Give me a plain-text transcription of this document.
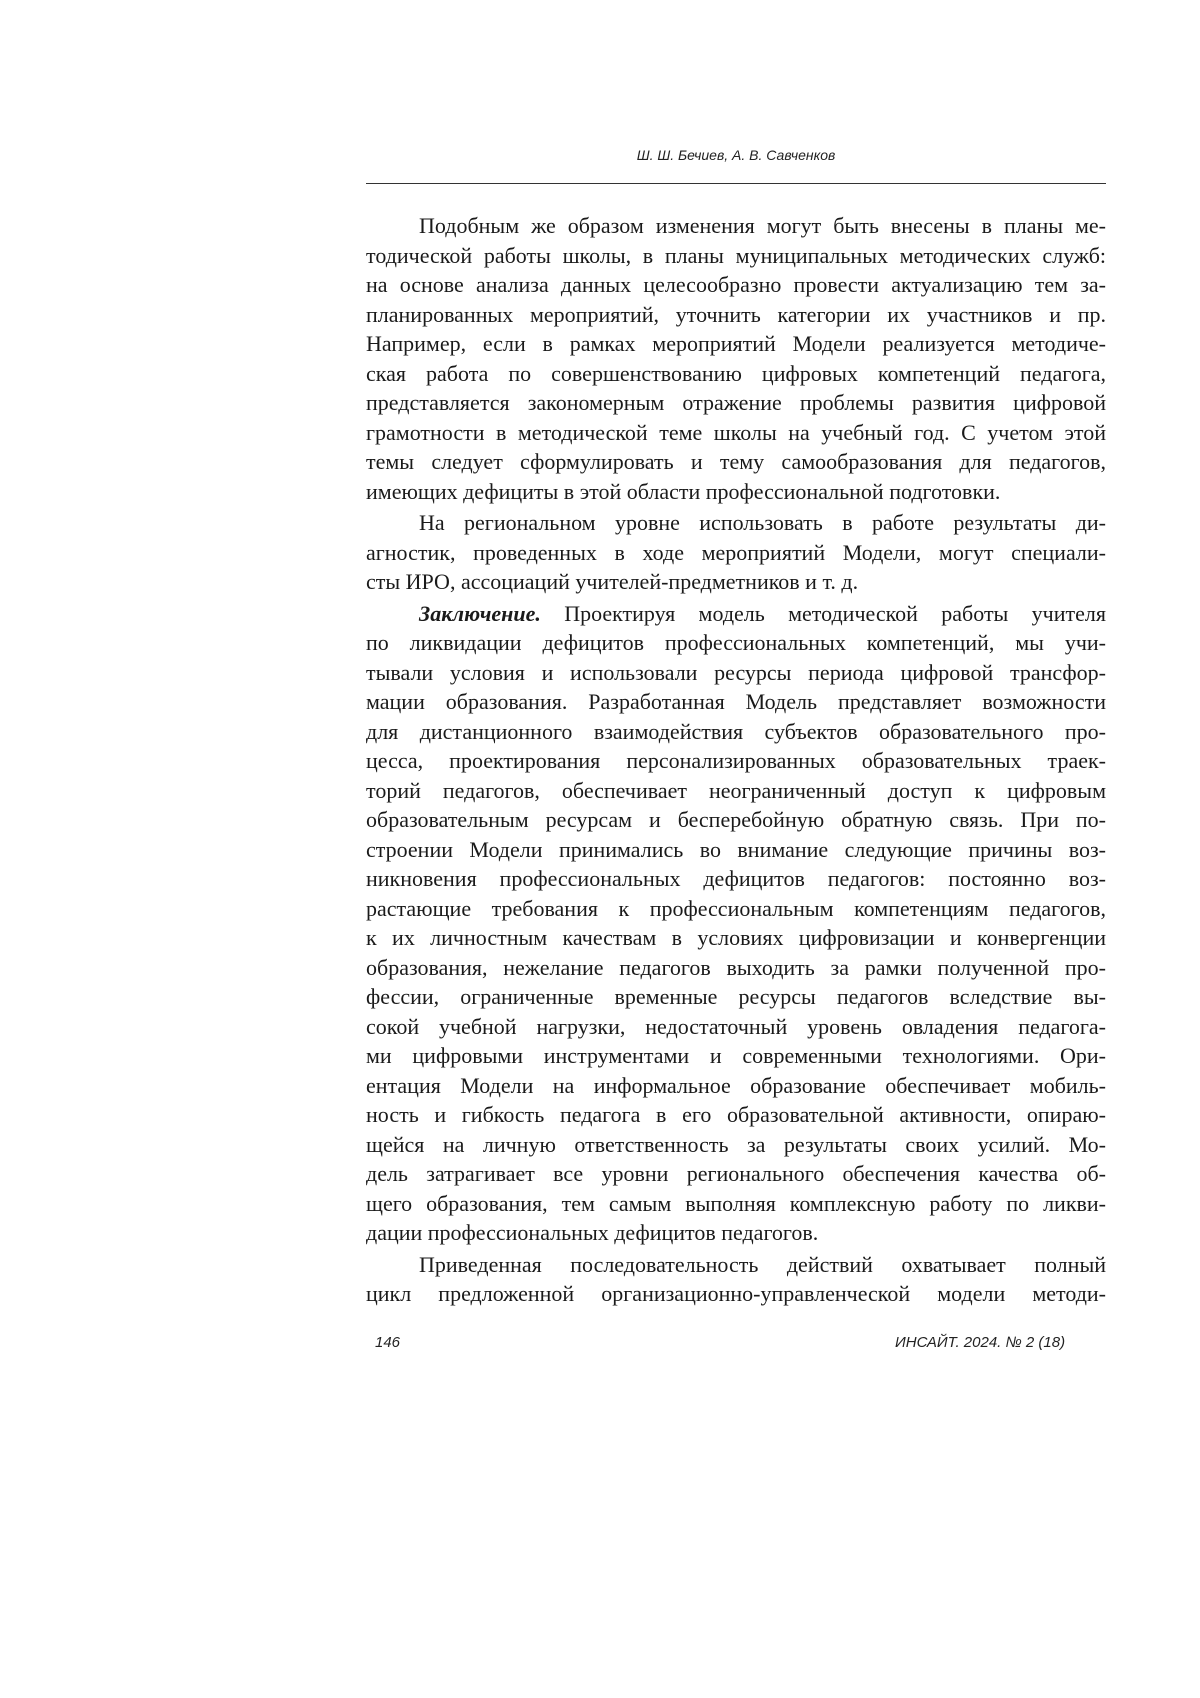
Ш. Ш. Бечиев, А. В. Савченков
Подобным же образом изменения могут быть внесены в планы ме-
тодической работы школы, в планы муниципальных методических служб:
на основе анализа данных целесообразно провести актуализацию тем за-
планированных мероприятий, уточнить категории их участников и пр.
Например, если в рамках мероприятий Модели реализуется методиче-
ская работа по совершенствованию цифровых компетенций педагога,
представляется закономерным отражение проблемы развития цифровой
грамотности в методической теме школы на учебный год. С учетом этой
темы следует сформулировать и тему самообразования для педагогов,
имеющих дефициты в этой области профессиональной подготовки.
На региональном уровне использовать в работе результаты ди-
агностик, проведенных в ходе мероприятий Модели, могут специали-
сты ИРО, ассоциаций учителей-предметников и т. д.
Заключение. Проектируя модель методической работы учителя
по ликвидации дефицитов профессиональных компетенций, мы учи-
тывали условия и использовали ресурсы периода цифровой трансфор-
мации образования. Разработанная Модель представляет возможности
для дистанционного взаимодействия субъектов образовательного про-
цесса, проектирования персонализированных образовательных траек-
торий педагогов, обеспечивает неограниченный доступ к цифровым
образовательным ресурсам и бесперебойную обратную связь. При по-
строении Модели принимались во внимание следующие причины воз-
никновения профессиональных дефицитов педагогов: постоянно воз-
растающие требования к профессиональным компетенциям педагогов,
к их личностным качествам в условиях цифровизации и конвергенции
образования, нежелание педагогов выходить за рамки полученной про-
фессии, ограниченные временные ресурсы педагогов вследствие вы-
сокой учебной нагрузки, недостаточный уровень овладения педагога-
ми цифровыми инструментами и современными технологиями. Ори-
ентация Модели на информальное образование обеспечивает мобиль-
ность и гибкость педагога в его образовательной активности, опираю-
щейся на личную ответственность за результаты своих усилий. Мо-
дель затрагивает все уровни регионального обеспечения качества об-
щего образования, тем самым выполняя комплексную работу по ликви-
дации профессиональных дефицитов педагогов.
Приведенная последовательность действий охватывает полный
цикл предложенной организационно-управленческой модели методи-
146	ИНСАЙТ. 2024. № 2 (18)
